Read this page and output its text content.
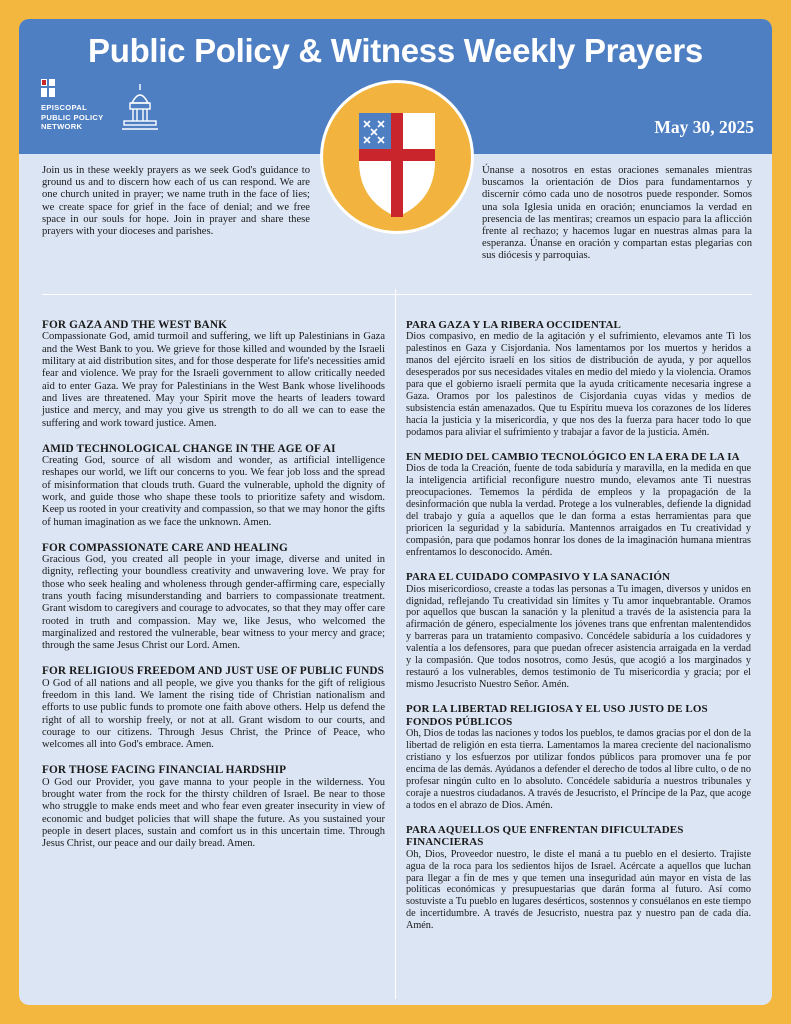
Public Policy & Witness Weekly Prayers
EPISCOPAL
PUBLIC POLICY
NETWORK	May 30, 2025
Join us in these weekly prayers as we seek God's guidance to ground us and to discern how each of us can respond. We are one church united in prayer; we name truth in the face of lies; we create space for grief in the face of denial; and we free space in our souls for hope. Join in prayer and share these prayers with your dioceses and parishes.
Únanse a nosotros en estas oraciones semanales mientras buscamos la orientación de Dios para fundamentarnos y discernir cómo cada uno de nosotros puede responder. Somos una sola Iglesia unida en oración; enunciamos la verdad en presencia de las mentiras; creamos un espacio para la aflicción frente al rechazo; y hacemos lugar en nuestras almas para la esperanza. Únanse en oración y compartan estas plegarias con sus diócesis y parroquias.
FOR GAZA AND THE WEST BANK

Compassionate God, amid turmoil and suffering, we lift up Palestinians in Gaza and the West Bank to you. We grieve for those killed and wounded by the Israeli military at aid distribution sites, and for those desperate for life's necessities amid fear and violence. We pray for the Israeli government to allow critically needed aid to enter Gaza. We pray for Palestinians in the West Bank whose livelihoods and lives are threatened. May your Spirit move the hearts of leaders toward justice and mercy, and may you give us strength to do all we can to ease the suffering and work toward justice. Amen.

AMID TECHNOLOGICAL CHANGE IN THE AGE OF AI

Creating God, source of all wisdom and wonder, as artificial intelligence reshapes our world, we lift our concerns to you. We fear job loss and the spread of misinformation that clouds truth. Guard the vulnerable, uphold the dignity of work, and guide those who shape these tools to prioritize safety and wisdom. Keep us rooted in your creativity and compassion, so that we may honor the gifts of human imagination as we face the unknown. Amen.

FOR COMPASSIONATE CARE AND HEALING

Gracious God, you created all people in your image, diverse and united in dignity, reflecting your boundless creativity and unwavering love. We pray for those who seek healing and wholeness through gender-affirming care, especially trans youth facing misunderstanding and barriers to compassionate treatment. Grant wisdom to caregivers and courage to advocates, so that they may offer care rooted in truth and compassion. May we, like Jesus, who welcomed the marginalized and restored the vulnerable, bear witness to your mercy and grace; through the same Jesus Christ our Lord. Amen.

FOR RELIGIOUS FREEDOM AND JUST USE OF PUBLIC FUNDS

O God of all nations and all people, we give you thanks for the gift of religious freedom in this land. We lament the rising tide of Christian nationalism and efforts to use public funds to promote one faith above others. Help us defend the right of all to worship freely, or not at all. Grant wisdom to our courts, and courage to our citizens. Through Jesus Christ, the Prince of Peace, who welcomes all into God's embrace. Amen.

FOR THOSE FACING FINANCIAL HARDSHIP

O God our Provider, you gave manna to your people in the wilderness. You brought water from the rock for the thirsty children of Israel. Be near to those who struggle to make ends meet and who fear even greater insecurity in view of economic and budget policies that will shape the future. As you sustained your people in desert places, sustain and comfort us in this uncertain time. Through Jesus Christ, our peace and our daily bread. Amen.

PARA GAZA Y LA RIBERA OCCIDENTAL

Dios compasivo, en medio de la agitación y el sufrimiento, elevamos ante Ti los palestinos en Gaza y Cisjordania. Nos lamentamos por los muertos y heridos a manos del ejército israelí en los sitios de distribución de ayuda, y por aquellos desesperados por sus necesidades vitales en medio del miedo y la violencia. Oramos para que el gobierno israelí permita que la ayuda críticamente necesaria ingrese a Gaza. Oramos por los palestinos de Cisjordania cuyas vidas y medios de subsistencia están amenazados. Que tu Espíritu mueva los corazones de los líderes hacia la justicia y la misericordia, y que nos des la fuerza para hacer todo lo que podamos para aliviar el sufrimiento y trabajar a favor de la justicia. Amén.

EN MEDIO DEL CAMBIO TECNOLÓGICO EN LA ERA DE LA IA

Dios de toda la Creación, fuente de toda sabiduría y maravilla, en la medida en que la inteligencia artificial reconfigure nuestro mundo, elevamos ante Ti nuestras preocupaciones. Tememos la pérdida de empleos y la propagación de la desinformación que nubla la verdad. Protege a los vulnerables, defiende la dignidad del trabajo y guía a aquellos que le dan forma a estas herramientas para que prioricen la seguridad y la sabiduría. Mantennos arraigados en Tu creatividad y compasión, para que podamos honrar los dones de la imaginación humana mientras enfrentamos lo desconocido. Amén.

PARA EL CUIDADO COMPASIVO Y LA SANACIÓN

Dios misericordioso, creaste a todas las personas a Tu imagen, diversos y unidos en dignidad, reflejando Tu creatividad sin límites y Tu amor inquebrantable. Oramos por aquellos que buscan la sanación y la plenitud a través de la asistencia para la afirmación de género, especialmente los jóvenes trans que enfrentan malentendidos y barreras para un tratamiento compasivo. Concédele sabiduría a los cuidadores y valentía a los defensores, para que puedan ofrecer asistencia arraigada en la verdad y la compasión. Que todos nosotros, como Jesús, que acogió a los marginados y restauró a los vulnerables, demos testimonio de Tu misericordia y gracia; por el mismo Jesucristo Nuestro Señor. Amén.

POR LA LIBERTAD RELIGIOSA Y EL USO JUSTO DE LOS FONDOS PÚBLICOS

Oh, Dios de todas las naciones y todos los pueblos, te damos gracias por el don de la libertad de religión en esta tierra. Lamentamos la marea creciente del nacionalismo cristiano y los esfuerzos por utilizar fondos públicos para promover una fe por encima de las demás. Ayúdanos a defender el derecho de todos al libre culto, o de no profesar ningún culto en lo absoluto. Concédele sabiduría a nuestros tribunales y coraje a nuestros ciudadanos. A través de Jesucristo, el Príncipe de la Paz, que acoge a todos en el abrazo de Dios. Amén.

PARA AQUELLOS QUE ENFRENTAN DIFICULTADES FINANCIERAS

Oh, Dios, Proveedor nuestro, le diste el maná a tu pueblo en el desierto. Trajiste agua de la roca para los sedientos hijos de Israel. Acércate a aquellos que luchan para llegar a fin de mes y que temen una inseguridad aún mayor en vista de las políticas económicas y presupuestarias que darán forma al futuro. Así como sostuviste a Tu pueblo en lugares desérticos, sostennos y consuélanos en este tiempo de incertidumbre. A través de Jesucristo, nuestra paz y nuestro pan de cada día. Amén.
